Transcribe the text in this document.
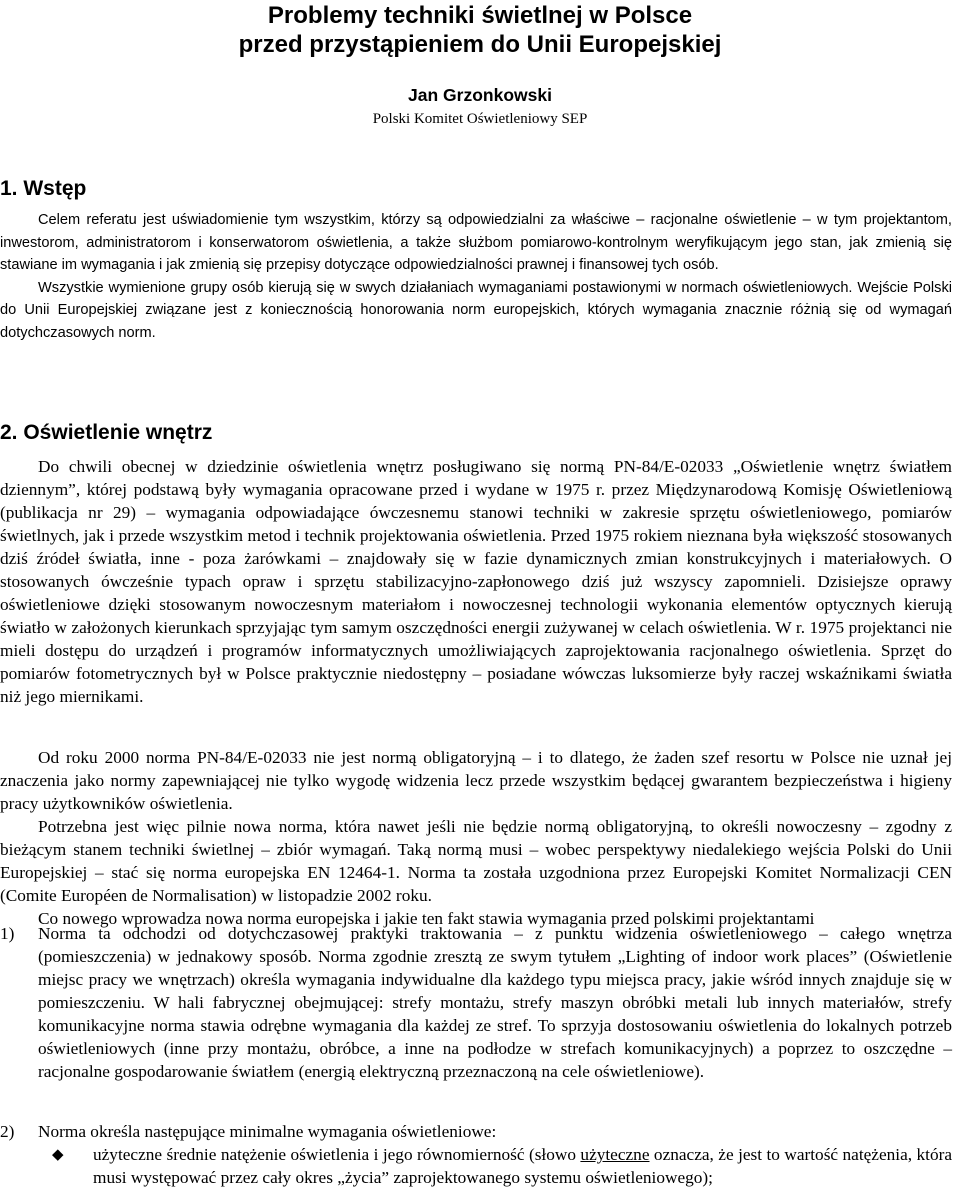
Problemy techniki świetlnej w Polsce
przed przystąpieniem do Unii Europejskiej
Jan Grzonkowski
Polski Komitet Oświetleniowy SEP
1. Wstęp

Celem referatu jest uświadomienie tym wszystkim, którzy są odpowiedzialni za właściwe – racjonalne oświetlenie – w tym projektantom, inwestorom, administratorom i konserwatorom oświetlenia, a także służbom pomiarowo-kontrolnym weryfikującym jego stan, jak zmienią się stawiane im wymagania i jak zmienią się przepisy dotyczące odpowiedzialności prawnej i finansowej tych osób.

Wszystkie wymienione grupy osób kierują się w swych działaniach wymaganiami postawionymi w normach oświetleniowych. Wejście Polski do Unii Europejskiej związane jest z koniecznością honorowania norm europejskich, których wymagania znacznie różnią się od wymagań dotychczasowych norm.

2. Oświetlenie wnętrz

Do chwili obecnej w dziedzinie oświetlenia wnętrz posługiwano się normą PN-84/E-02033 „Oświetlenie wnętrz światłem dziennym”, której podstawą były wymagania opracowane przed i wydane w 1975 r. przez Międzynarodową Komisję Oświetleniową (publikacja nr 29) – wymagania odpowiadające ówczesnemu stanowi techniki w zakresie sprzętu oświetleniowego, pomiarów świetlnych, jak i przede wszystkim metod i technik projektowania oświetlenia. Przed 1975 rokiem nieznana była większość stosowanych dziś źródeł światła, inne - poza żarówkami – znajdowały się w fazie dynamicznych zmian konstrukcyjnych i materiałowych. O stosowanych ówcześnie typach opraw i sprzętu stabilizacyjno-zapłonowego dziś już wszyscy zapomnieli. Dzisiejsze oprawy oświetleniowe dzięki stosowanym nowoczesnym materiałom i nowoczesnej technologii wykonania elementów optycznych kierują światło w założonych kierunkach sprzyjając tym samym oszczędności energii zużywanej w celach oświetlenia. W r. 1975 projektanci nie mieli dostępu do urządzeń i programów informatycznych umożliwiających zaprojektowania racjonalnego oświetlenia. Sprzęt do pomiarów fotometrycznych był w Polsce praktycznie niedostępny – posiadane wówczas luksomierze były raczej wskaźnikami światła niż jego miernikami.

Od roku 2000 norma PN-84/E-02033 nie jest normą obligatoryjną – i to dlatego, że żaden szef resortu w Polsce nie uznał jej znaczenia jako normy zapewniającej nie tylko wygodę widzenia lecz przede wszystkim będącej gwarantem bezpieczeństwa i higieny pracy użytkowników oświetlenia.

Potrzebna jest więc pilnie nowa norma, która nawet jeśli nie będzie normą obligatoryjną, to określi nowoczesny – zgodny z bieżącym stanem techniki świetlnej – zbiór wymagań. Taką normą musi – wobec perspektywy niedalekiego wejścia Polski do Unii Europejskiej – stać się norma europejska EN 12464-1. Norma ta została uzgodniona przez Europejski Komitet Normalizacji CEN (Comite Européen de Normalisation) w listopadzie 2002 roku.

Co nowego wprowadza nowa norma europejska i jakie ten fakt stawia wymagania przed polskimi projektantami

1) Norma ta odchodzi od dotychczasowej praktyki traktowania – z punktu widzenia oświetleniowego – całego wnętrza (pomieszczenia) w jednakowy sposób. Norma zgodnie zresztą ze swym tytułem „Lighting of indoor work places” (Oświetlenie miejsc pracy we wnętrzach) określa wymagania indywidualne dla każdego typu miejsca pracy, jakie wśród innych znajduje się w pomieszczeniu. W hali fabrycznej obejmującej: strefy montażu, strefy maszyn obróbki metali lub innych materiałów, strefy komunikacyjne norma stawia odrębne wymagania dla każdej ze stref. To sprzyja dostosowaniu oświetlenia do lokalnych potrzeb oświetleniowych (inne przy montażu, obróbce, a inne na podłodze w strefach komunikacyjnych) a poprzez to oszczędne – racjonalne gospodarowanie światłem (energią elektryczną przeznaczoną na cele oświetleniowe).
2) Norma określa następujące minimalne wymagania oświetleniowe:
◆ użyteczne średnie natężenie oświetlenia i jego równomierność (słowo użyteczne oznacza, że jest to wartość natężenia, która musi występować przez cały okres „życia” zaprojektowanego systemu oświetleniowego);
